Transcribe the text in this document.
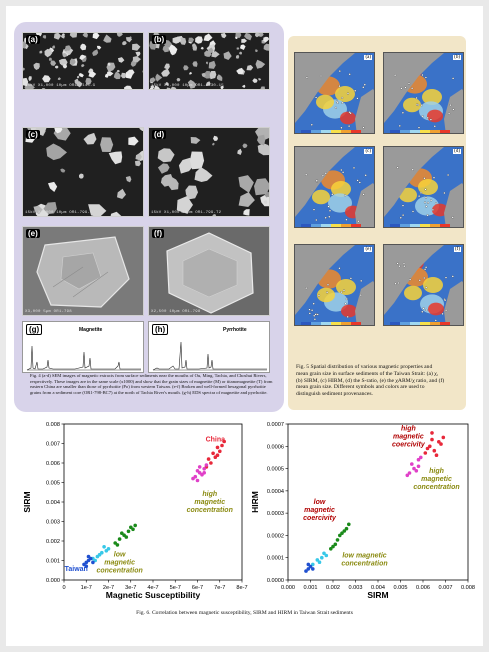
(a)
15kV X1,000 10µm OR1-1145-G
(b)
15kV X1,000 10µm OR1-1430-15
(c)
15kV X1,000 10µm OR1-799-C
(d)
15kV X1,000 10µm OR1-799-T2
(e)
X3,000 5µm OR1-798
(f)
X2,500 10µm OR1-798
(g)	Magnetite	(h)	Pyrrhotite
Fig. 4 (a-d) SEM images of magnetic extracts from surface sediments near the mouths of Ou, Ming, Tachia, and Choshui Rivers, respectively. These images are in the same scale (x1000) and show that the grain sizes of magnetite (M) or titanomagnetite (T) from eastern China are smaller than those of pyrrhotite (Po) from western Taiwan. (e-f) Broken and well-formed hexagonal pyrrhotite grains from a sediment core (OR1-798-BC7) at the north of Tachia River's mouth. (g-h) EDS spectra of magnetite and pyrrhotite.
(a)	(b)
(c)	(d)
(e)	(f)
Fig. 5 Spatial distribution of various magnetic properties and
mean grain size in surface sediments of the Taiwan Strait: (a) χ,
(b) SIRM, (c) HIRM, (d) the S-ratio, (e) the χARM/χ ratio, and (f)
mean grain size. Different symbols and colors are used to
distinguish sediment provenances.
0	1e-7 2e-7 3e-7 4e-7 5e-7 6e-7 7e-7 8e-7
0.000
0.001
0.002
0.003
0.004
0.005
0.006
0.007
0.008
Magnetic Susceptibility
SIRM
China
Taiwan
high magnetic concentration
low magnetic concentration
0.000 0.001 0.002 0.003 0.004 0.005 0.006 0.007 0.008
0.0000
0.0001
0.0002
0.0003
0.0004
0.0005
0.0006
0.0007
SIRM
HIRM
high magnetic coercivity
high magnetic concentration
low magnetic coercivity
low magnetic concentration
Fig. 6. Correlation between magnetic susceptibility, SIRM and HIRM in Taiwan Strait sediments
